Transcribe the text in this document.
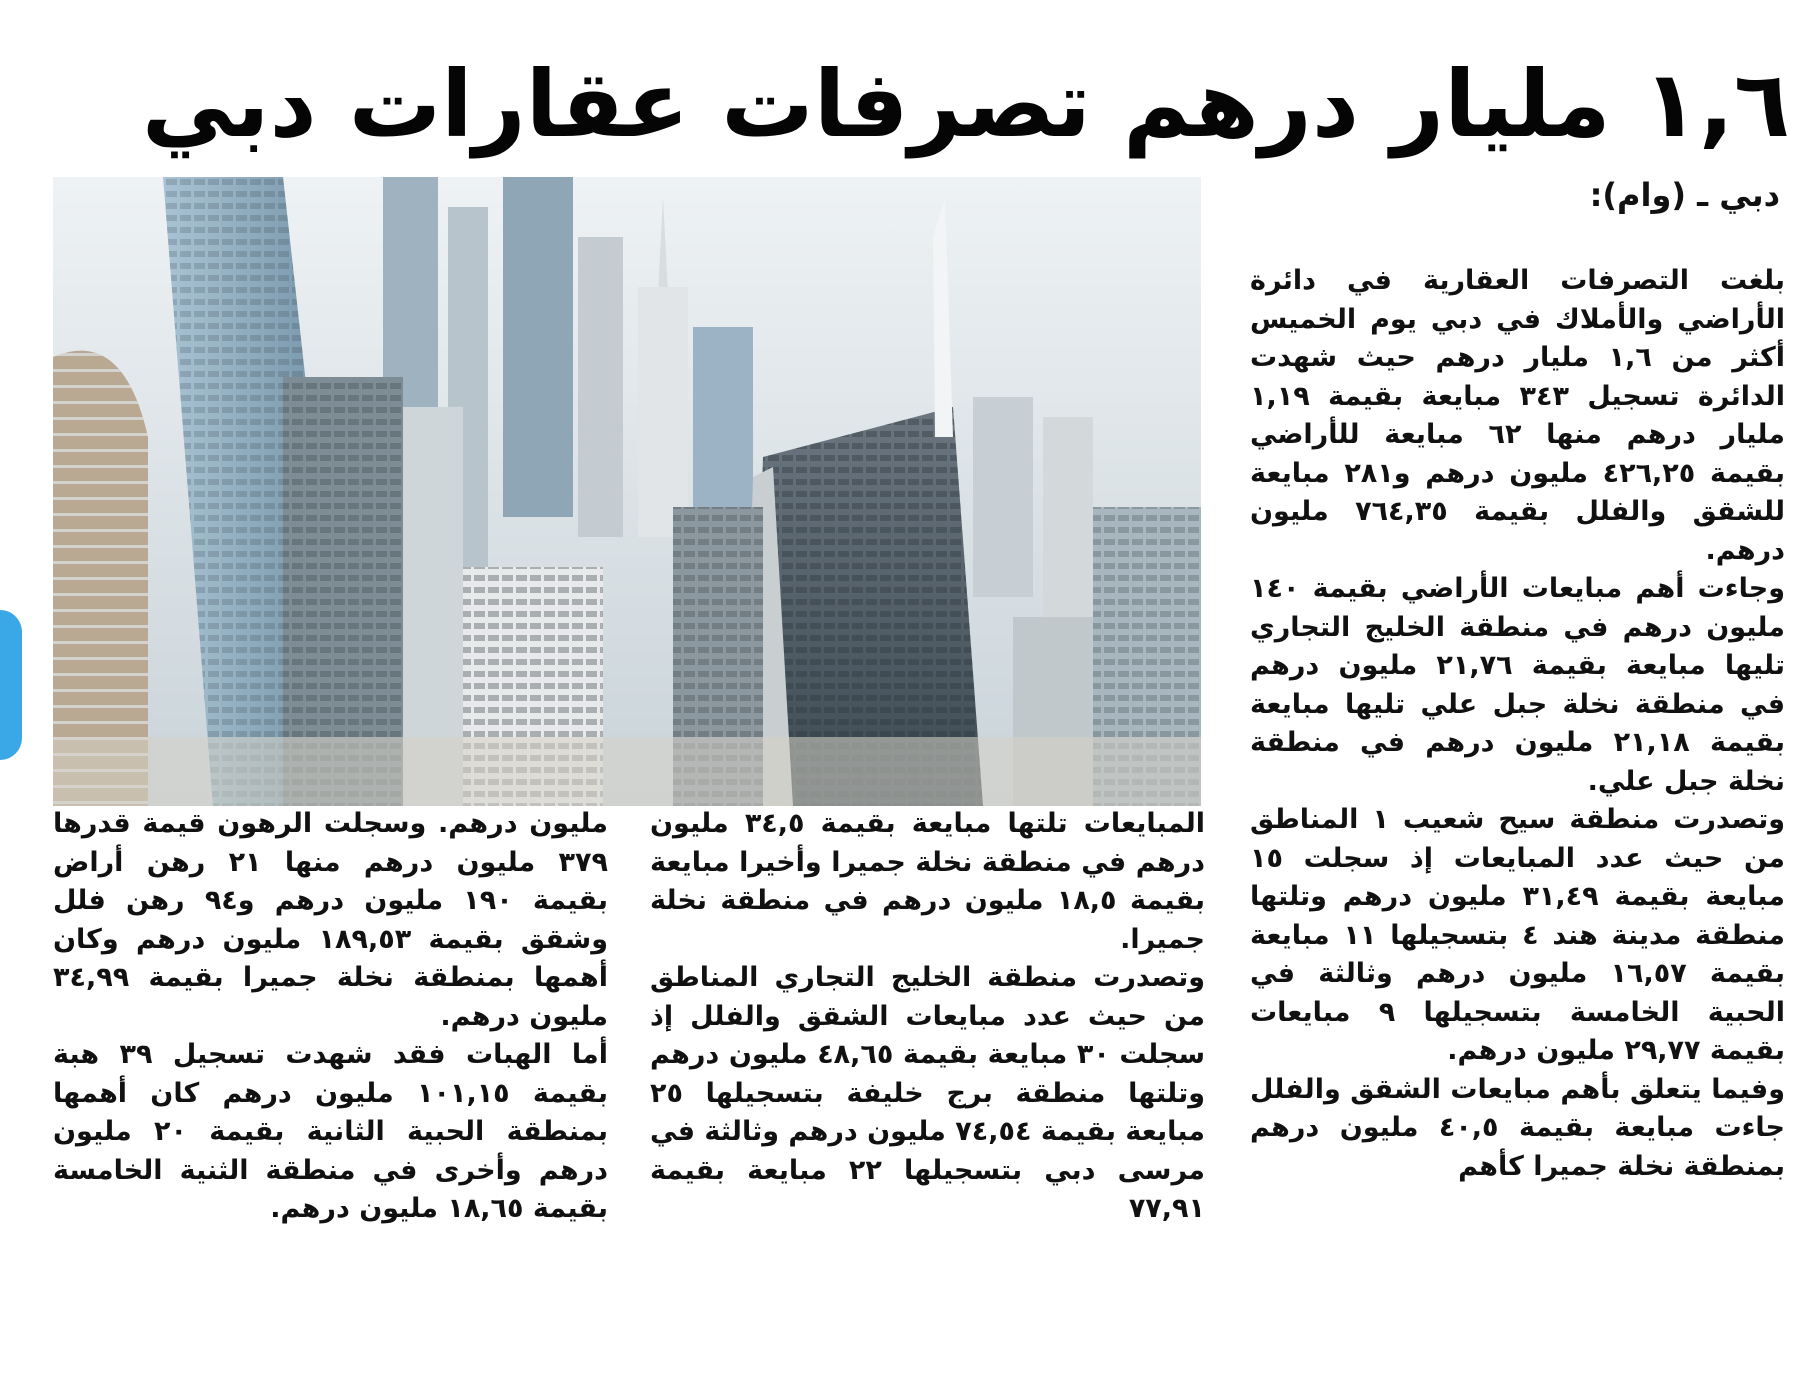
١,٦ مليار درهم تصرفات عقارات دبي
دبي ـ (وام):

بلغت التصرفات العقارية في دائرة الأراضي والأملاك في دبي يوم الخميس أكثر من ١,٦ مليار درهم حيث شهدت الدائرة تسجيل ٣٤٣ مبايعة بقيمة ١,١٩ مليار درهم منها ٦٢ مبايعة للأراضي بقيمة ٤٢٦,٢٥ مليون درهم و٢٨١ مبايعة للشقق والفلل بقيمة ٧٦٤,٣٥ مليون درهم.

وجاءت أهم مبايعات الأراضي بقيمة ١٤٠ مليون درهم في منطقة الخليج التجاري تليها مبايعة بقيمة ٢١,٧٦ مليون درهم في منطقة نخلة جبل علي تليها مبايعة بقيمة ٢١,١٨ مليون درهم في منطقة نخلة جبل علي.

وتصدرت منطقة سيح شعيب ١ المناطق من حيث عدد المبايعات إذ سجلت ١٥ مبايعة بقيمة ٣١,٤٩ مليون درهم وتلتها منطقة مدينة هند ٤ بتسجيلها ١١ مبايعة بقيمة ١٦,٥٧ مليون درهم وثالثة في الحبية الخامسة بتسجيلها ٩ مبايعات بقيمة ٢٩,٧٧ مليون درهم.

وفيما يتعلق بأهم مبايعات الشقق والفلل جاءت مبايعة بقيمة ٤٠,٥ مليون درهم بمنطقة نخلة جميرا كأهم

المبايعات تلتها مبايعة بقيمة ٣٤,٥ مليون درهم في منطقة نخلة جميرا وأخيرا مبايعة بقيمة ١٨,٥ مليون درهم في منطقة نخلة جميرا.

وتصدرت منطقة الخليج التجاري المناطق من حيث عدد مبايعات الشقق والفلل إذ سجلت ٣٠ مبايعة بقيمة ٤٨,٦٥ مليون درهم وتلتها منطقة برج خليفة بتسجيلها ٢٥ مبايعة بقيمة ٧٤,٥٤ مليون درهم وثالثة في مرسى دبي بتسجيلها ٢٢ مبايعة بقيمة ٧٧,٩١

مليون درهم. وسجلت الرهون قيمة قدرها ٣٧٩ مليون درهم منها ٢١ رهن أراض بقيمة ١٩٠ مليون درهم و٩٤ رهن فلل وشقق بقيمة ١٨٩,٥٣ مليون درهم وكان أهمها بمنطقة نخلة جميرا بقيمة ٣٤,٩٩ مليون درهم.

أما الهبات فقد شهدت تسجيل ٣٩ هبة بقيمة ١٠١,١٥ مليون درهم كان أهمها بمنطقة الحبية الثانية بقيمة ٢٠ مليون درهم وأخرى في منطقة الثنية الخامسة بقيمة ١٨,٦٥ مليون درهم.
